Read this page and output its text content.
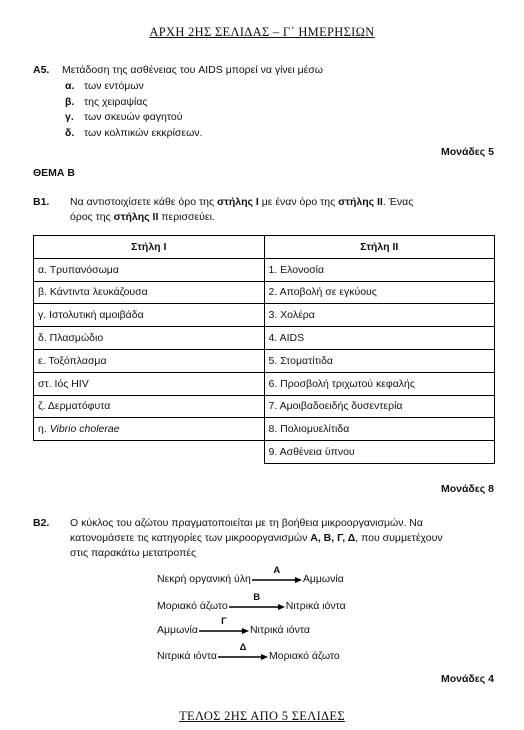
ΑΡΧΗ 2ΗΣ ΣΕΛΙΔΑΣ – Γ΄ ΗΜΕΡΗΣΙΩΝ
Α5. Μετάδοση της ασθένειας του AIDS μπορεί να γίνει μέσω
α. των εντόμων
β. της χειραψίας
γ. των σκευών φαγητού
δ. των κολπικών εκκρίσεων.
Μονάδες 5
ΘΕΜΑ Β
Β1. Να αντιστοιχίσετε κάθε όρο της στήλης Ι με έναν όρο της στήλης ΙΙ. Ένας
όρος της στήλης ΙΙ περισσεύει.
Στήλη Ι	Στήλη ΙΙ
α. Τρυπανόσωμα	1. Ελονοσία
β. Κάντιντα λευκάζουσα	2. Αποβολή σε εγκύους
γ. Ιστολυτική αμοιβάδα	3. Χολέρα
δ. Πλασμώδιο	4. AIDS
ε. Τοξόπλασμα	5. Στοματίτιδα
στ. Ιός HIV	6. Προσβολή τριχωτού κεφαλής
ζ. Δερματόφυτα	7. Αμοιβαδοειδής δυσεντερία
η. Vibrio cholerae	8. Πολιομυελίτιδα
	9. Ασθένεια ύπνου
Μονάδες 8
Β2. Ο κύκλος του αζώτου πραγματοποιείται με τη βοήθεια μικροοργανισμών. Να
κατονομάσετε τις κατηγορίες των μικροοργανισμών Α, Β, Γ, Δ, που συμμετέχουν
στις παρακάτω μετατροπές
Νεκρή οργανική ύλη
Α
Αμμωνία
Μοριακό άζωτο
Β
Νιτρικά ιόντα
Αμμωνία
Γ
Νιτρικά ιόντα
Νιτρικά ιόντα
Δ
Μοριακό άζωτο
Μονάδες 4
ΤΕΛΟΣ 2ΗΣ ΑΠΟ 5 ΣΕΛΙΔΕΣ
